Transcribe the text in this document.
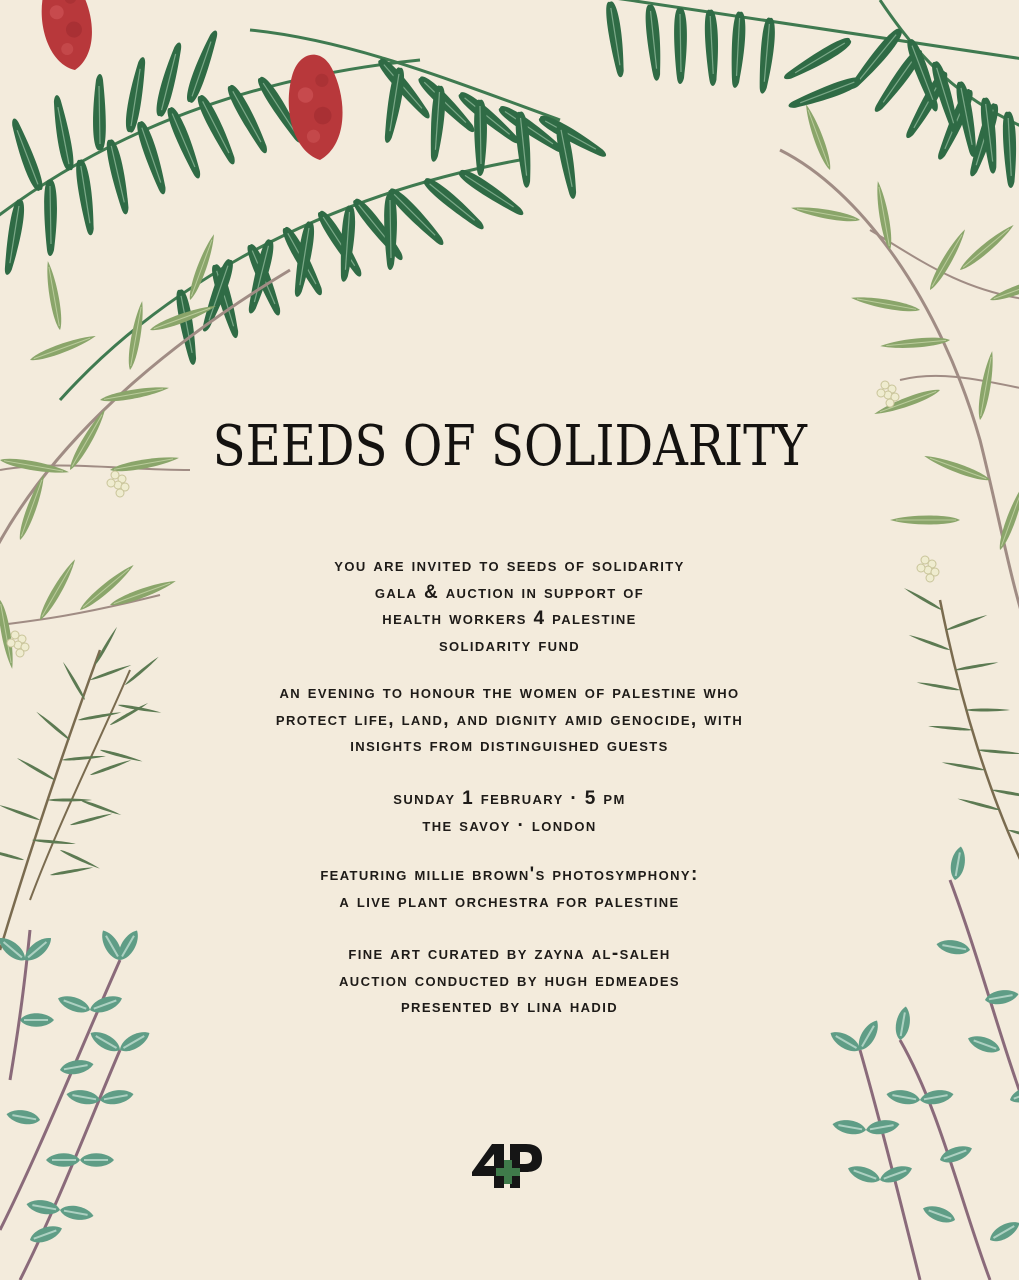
SEEDS OF SOLIDARITY

you are invited to seeds of solidarity

gala & auction in support of

health workers 4 palestine

solidarity fund

an evening to honour the women of palestine who

protect life, land, and dignity amid genocide, with

insights from distinguished guests

sunday 1 february · 5 pm

the savoy · london

featuring millie brown's photosymphony:

a live plant orchestra for palestine

fine art curated by zayna al-saleh

auction conducted by hugh edmeades

presented by lina hadid
